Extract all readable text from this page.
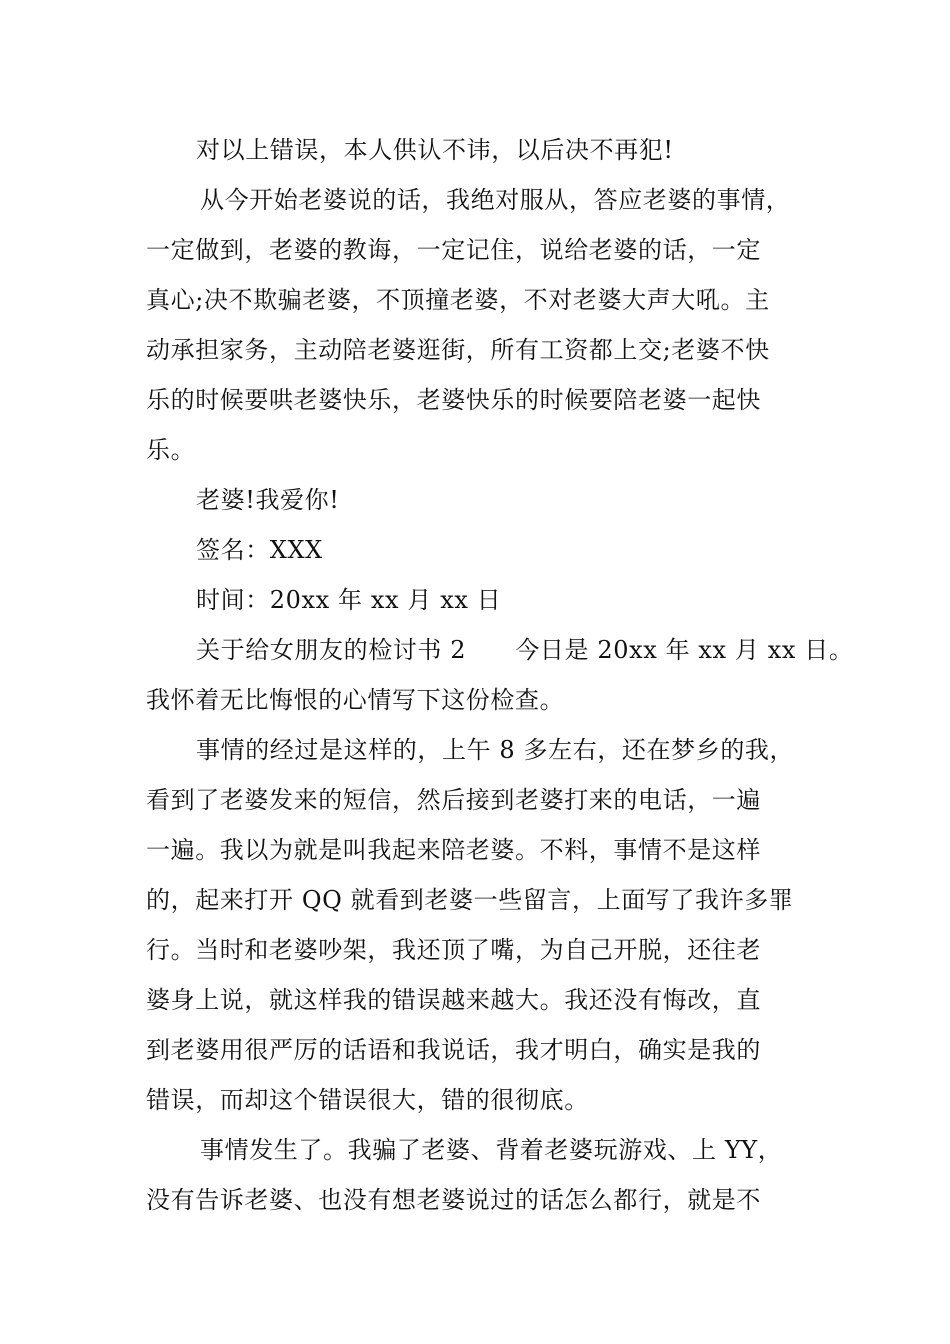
对以上错误，本人供认不讳，以后决不再犯!
从今开始老婆说的话，我绝对服从，答应老婆的事情，
一定做到，老婆的教诲，一定记住，说给老婆的话，一定
真心;决不欺骗老婆，不顶撞老婆，不对老婆大声大吼。主
动承担家务，主动陪老婆逛街，所有工资都上交;老婆不快
乐的时候要哄老婆快乐，老婆快乐的时候要陪老婆一起快
乐。
老婆!我爱你!
签名：XXX
时间：20xx 年 xx 月 xx 日
关于给女朋友的检讨书 2　　今日是 20xx 年 xx 月 xx 日。
我怀着无比悔恨的心情写下这份检查。
事情的经过是这样的，上午 8 多左右，还在梦乡的我，
看到了老婆发来的短信，然后接到老婆打来的电话，一遍
一遍。我以为就是叫我起来陪老婆。不料，事情不是这样
的，起来打开 QQ 就看到老婆一些留言，上面写了我许多罪
行。当时和老婆吵架，我还顶了嘴，为自己开脱，还往老
婆身上说，就这样我的错误越来越大。我还没有悔改，直
到老婆用很严厉的话语和我说话，我才明白，确实是我的
错误，而却这个错误很大，错的很彻底。
事情发生了。我骗了老婆、背着老婆玩游戏、上 YY，
没有告诉老婆、也没有想老婆说过的话怎么都行，就是不
